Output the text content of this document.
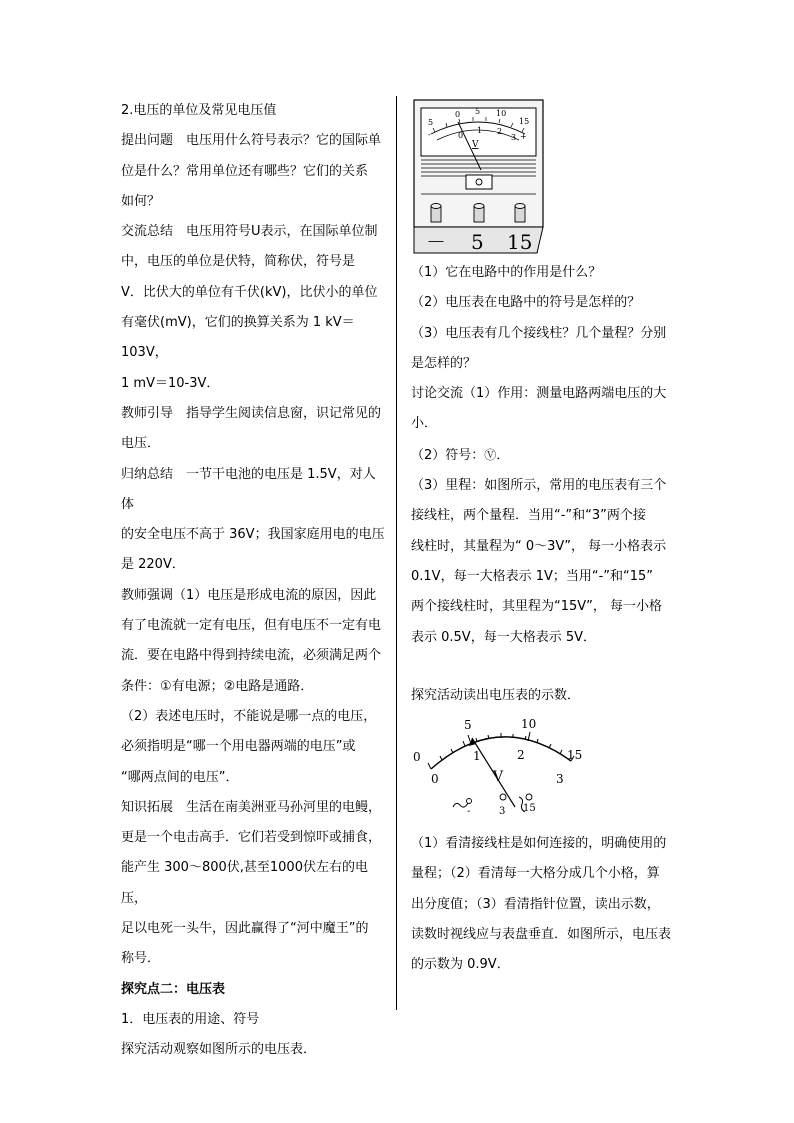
2.电压的单位及常见电压值

提出问题　电压用什么符号表示？它的国际单

位是什么？常用单位还有哪些？它们的关系

如何？

交流总结　电压用符号U表示，在国际单位制

中，电压的单位是伏特，简称伏，符号是

V．比伏大的单位有千伏(kV)，比伏小的单位

有毫伏(mV)，它们的换算关系为 1 kV＝103V，

1 mV＝10-3V．

教师引导　指导学生阅读信息窗，识记常见的

电压．

归纳总结　一节干电池的电压是 1.5V，对人体

的安全电压不高于 36V；我国家庭用电的电压

是 220V．

教师强调（1）电压是形成电流的原因，因此

有了电流就一定有电压，但有电压不一定有电

流．要在电路中得到持续电流，必须满足两个

条件：①有电源；②电路是通路．

（2）表述电压时，不能说是哪一点的电压，

必须指明是“哪一个用电器两端的电压”或

“哪两点间的电压”．

知识拓展　生活在南美洲亚马孙河里的电鳗，

更是一个电击高手．它们若受到惊吓或捕食，

能产生 300～800伏,甚至1000伏左右的电压，

足以电死一头牛，因此赢得了“河中魔王”的

称号．

探究点二：电压表

1．电压表的用途、符号

探究活动观察如图所示的电压表．

5
0 5 10
15
0
1 2
3
-	+
V
－ 5 15

（1）它在电路中的作用是什么？

（2）电压表在电路中的符号是怎样的？

（3）电压表有几个接线柱？几个量程？分别

是怎样的？

讨论交流（1）作用：测量电路两端电压的大

小．

（2）符号：Ⓥ．

（3）里程：如图所示，常用的电压表有三个

接线柱，两个量程．当用“-”和“3”两个接

线柱时，其量程为“ 0～3V”， 每一小格表示

0.1V，每一大格表示 1V；当用“-”和“15”

两个接线柱时，其里程为“15V”， 每一小格

表示 0.5V，每一大格表示 5V．

探究活动读出电压表的示数．

0
5	10
15
0
1	2
3
V
-	3 15

（1）看清接线柱是如何连接的，明确使用的

量程；（2）看清每一大格分成几个小格，算

出分度值；（3）看清指针位置，读出示数，

读数时视线应与表盘垂直．如图所示，电压表

的示数为 0.9V．
